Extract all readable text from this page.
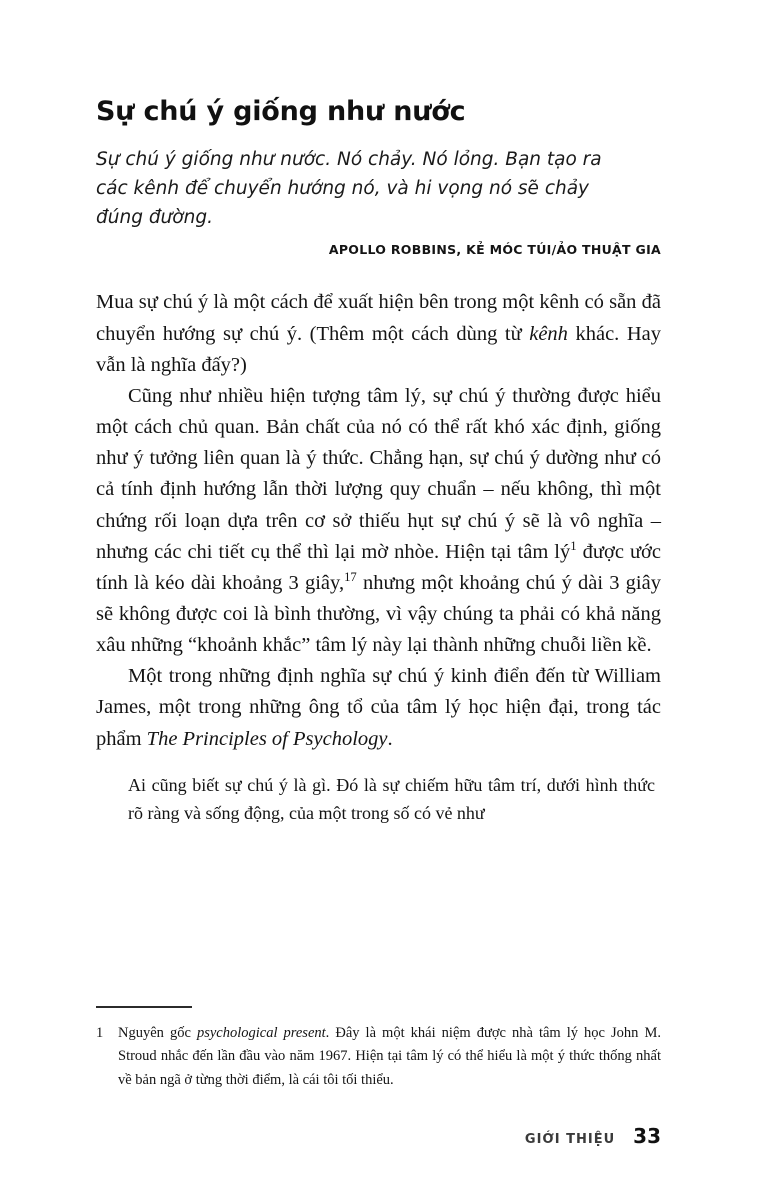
Sự chú ý giống như nước
Sự chú ý giống như nước. Nó chảy. Nó lỏng. Bạn tạo ra các kênh để chuyển hướng nó, và hi vọng nó sẽ chảy đúng đường.
APOLLO ROBBINS, KẺ MÓC TÚI/ẢO THUẬT GIA

Mua sự chú ý là một cách để xuất hiện bên trong một kênh có sẵn đã chuyển hướng sự chú ý. (Thêm một cách dùng từ kênh khác. Hay vẫn là nghĩa đấy?)

Cũng như nhiều hiện tượng tâm lý, sự chú ý thường được hiểu một cách chủ quan. Bản chất của nó có thể rất khó xác định, giống như ý tưởng liên quan là ý thức. Chẳng hạn, sự chú ý dường như có cả tính định hướng lẫn thời lượng quy chuẩn – nếu không, thì một chứng rối loạn dựa trên cơ sở thiếu hụt sự chú ý sẽ là vô nghĩa – nhưng các chi tiết cụ thể thì lại mờ nhòe. Hiện tại tâm $lý^1$ được ước tính là kéo dài khoảng 3 giây,$^{17}$ nhưng một khoảng chú ý dài 3 giây sẽ không được coi là bình thường, vì vậy chúng ta phải có khả năng xâu những “khoảnh khắc” tâm lý này lại thành những chuỗi liền kề.

Một trong những định nghĩa sự chú ý kinh điển đến từ William James, một trong những ông tổ của tâm lý học hiện đại, trong tác phẩm The Principles of Psychology.

Ai cũng biết sự chú ý là gì. Đó là sự chiếm hữu tâm trí, dưới hình thức rõ ràng và sống động, của một trong số có vẻ như
1	Nguyên gốc psychological present. Đây là một khái niệm được nhà tâm lý học John M. Stroud nhắc đến lần đầu vào năm 1967. Hiện tại tâm lý có thể hiểu là một ý thức thống nhất về bản ngã ở từng thời điểm, là cái tôi tối thiểu.
GIỚI THIỆU 33
